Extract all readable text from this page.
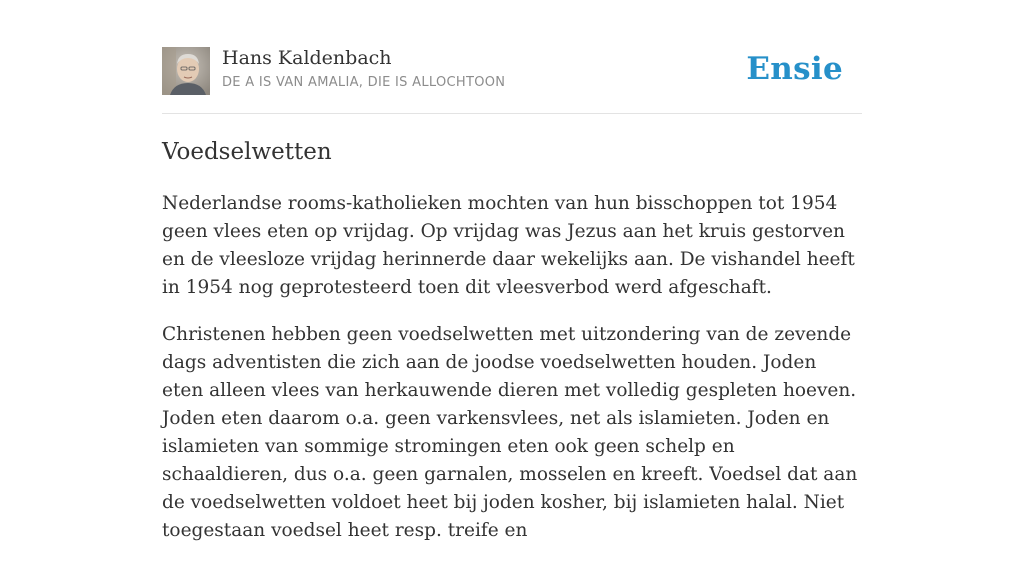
Hans Kaldenbach
DE A IS VAN AMALIA, DIE IS ALLOCHTOON	Ensie
Voedselwetten

Nederlandse rooms-katholieken mochten van hun bisschoppen tot 1954 geen vlees eten op vrijdag. Op vrijdag was Jezus aan het kruis gestorven en de vleesloze vrijdag herinnerde daar wekelijks aan. De vishandel heeft in 1954 nog geprotesteerd toen dit vleesverbod werd afgeschaft.

Christenen hebben geen voedselwetten met uitzondering van de zevende dags adventisten die zich aan de joodse voedselwetten houden. Joden eten alleen vlees van herkauwende dieren met volledig gespleten hoeven. Joden eten daarom o.a. geen varkensvlees, net als islamieten. Joden en islamieten van sommige stromingen eten ook geen schelp en schaaldieren, dus o.a. geen garnalen, mosselen en kreeft. Voedsel dat aan de voedselwetten voldoet heet bij joden kosher, bij islamieten halal. Niet toegestaan voedsel heet resp. treife en
